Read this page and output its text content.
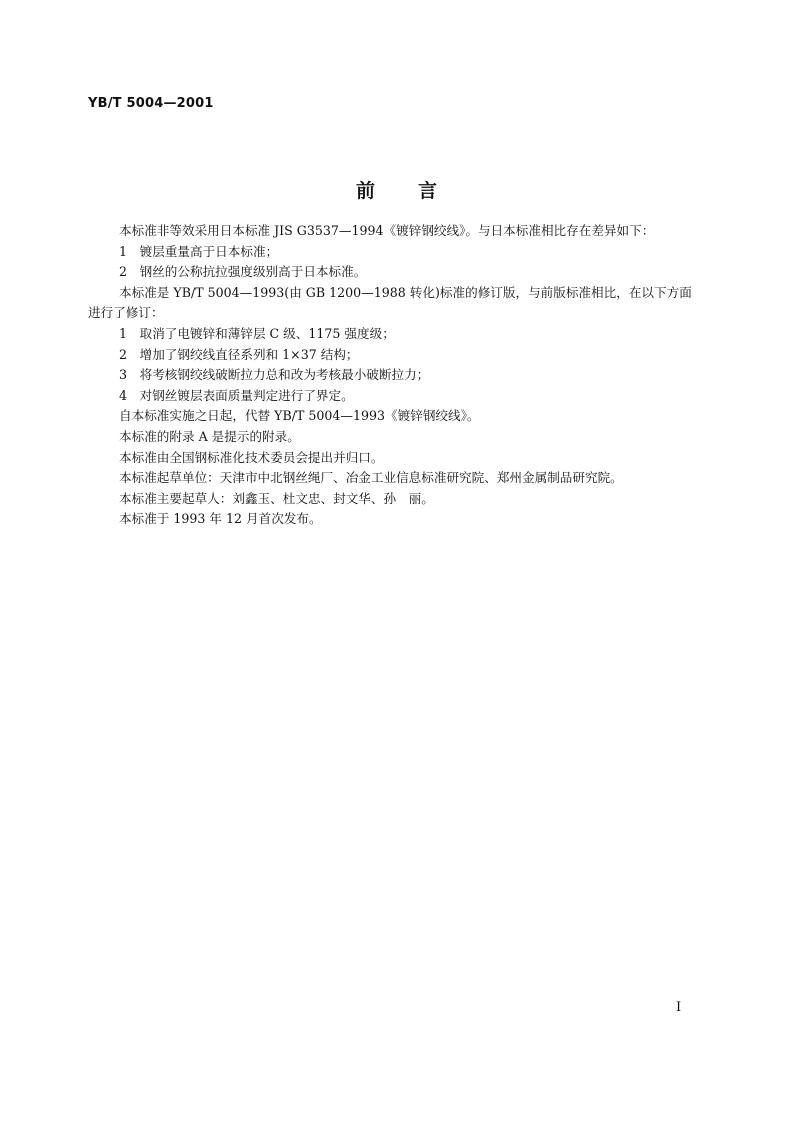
YB/T 5004—2001
前 言

本标准非等效采用日本标准 JIS G3537—1994《镀锌钢绞线》。与日本标准相比存在差异如下：

1　镀层重量高于日本标准；

2　钢丝的公称抗拉强度级别高于日本标准。

本标准是 YB/T 5004—1993(由 GB 1200—1988 转化)标准的修订版，与前版标准相比，在以下方面进行了修订：

1　取消了电镀锌和薄锌层 C 级、1175 强度级；

2　增加了钢绞线直径系列和 1×37 结构；

3　将考核钢绞线破断拉力总和改为考核最小破断拉力；

4　对钢丝镀层表面质量判定进行了界定。

自本标准实施之日起，代替 YB/T 5004—1993《镀锌钢绞线》。

本标准的附录 A 是提示的附录。

本标准由全国钢标准化技术委员会提出并归口。

本标准起草单位：天津市中北钢丝绳厂、冶金工业信息标准研究院、郑州金属制品研究院。

本标准主要起草人：刘鑫玉、杜文忠、封文华、孙　丽。

本标准于 1993 年 12 月首次发布。

I
